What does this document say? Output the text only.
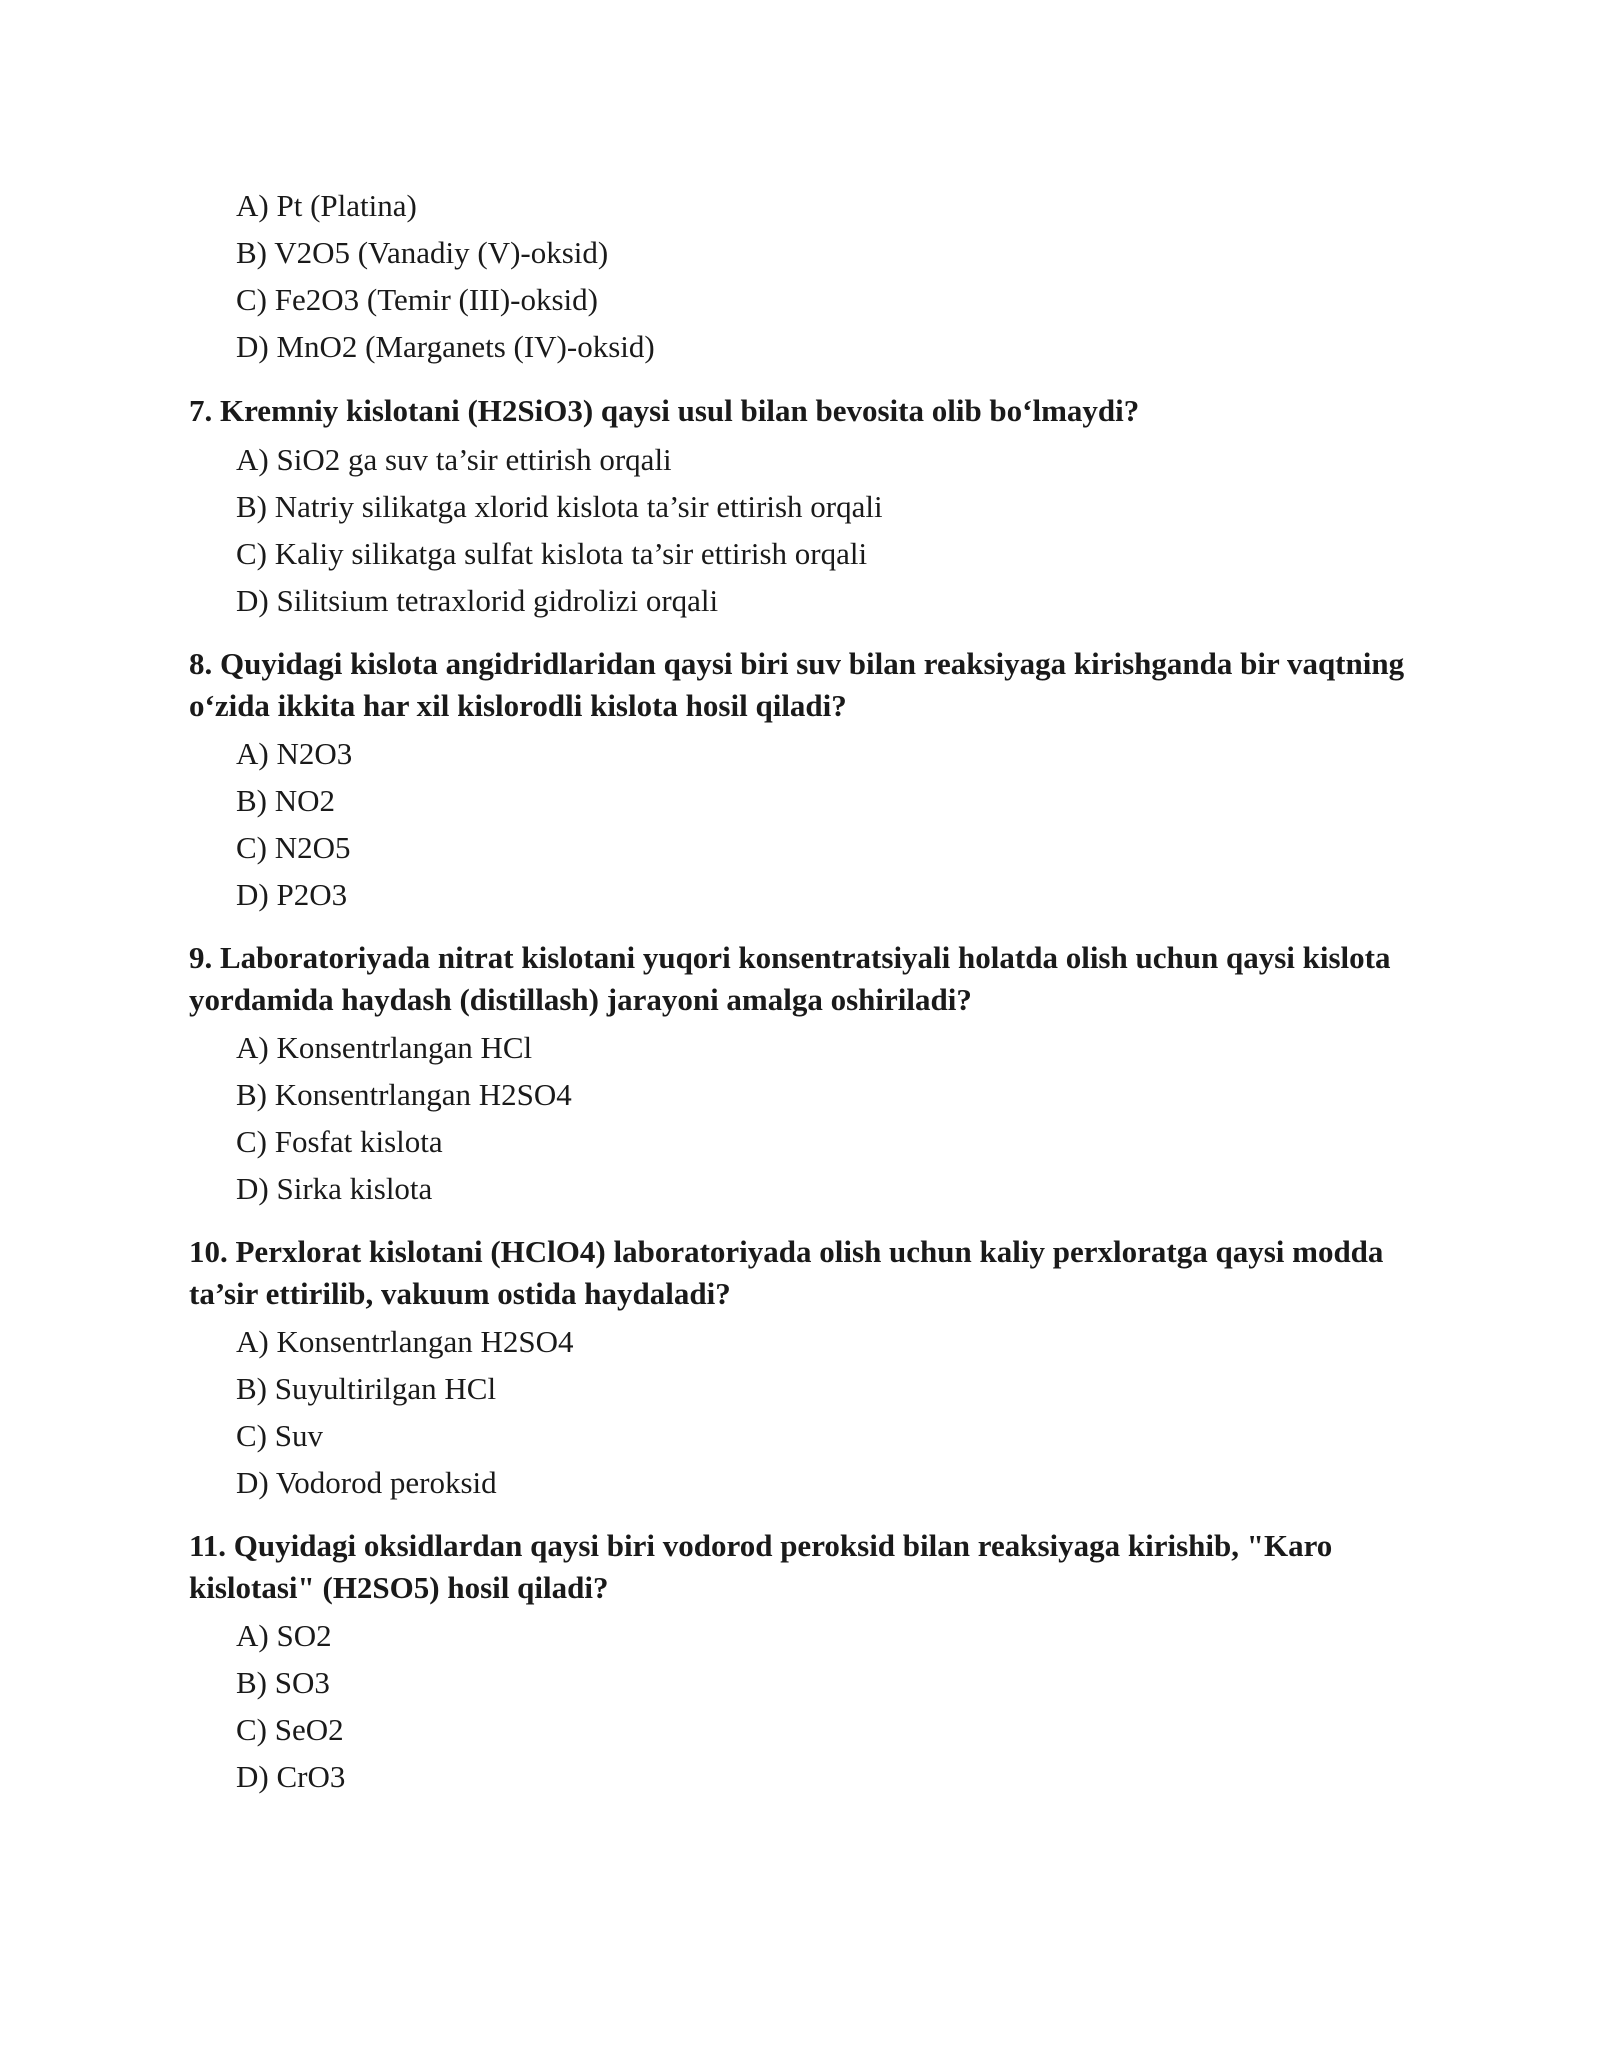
A) Pt (Platina)
B) V2O5 (Vanadiy (V)-oksid)
C) Fe2O3 (Temir (III)-oksid)
D) MnO2 (Marganets (IV)-oksid)
7. Kremniy kislotani (H2SiO3) qaysi usul bilan bevosita olib bo‘lmaydi?
A) SiO2 ga suv ta’sir ettirish orqali
B) Natriy silikatga xlorid kislota ta’sir ettirish orqali
C) Kaliy silikatga sulfat kislota ta’sir ettirish orqali
D) Silitsium tetraxlorid gidrolizi orqali
8. Quyidagi kislota angidridlaridan qaysi biri suv bilan reaksiyaga kirishganda bir vaqtning o‘zida ikkita har xil kislorodli kislota hosil qiladi?
A) N2O3
B) NO2
C) N2O5
D) P2O3
9. Laboratoriyada nitrat kislotani yuqori konsentratsiyali holatda olish uchun qaysi kislota yordamida haydash (distillash) jarayoni amalga oshiriladi?
A) Konsentrlangan HCl
B) Konsentrlangan H2SO4
C) Fosfat kislota
D) Sirka kislota
10. Perxlorat kislotani (HClO4) laboratoriyada olish uchun kaliy perxloratga qaysi modda ta’sir ettirilib, vakuum ostida haydaladi?
A) Konsentrlangan H2SO4
B) Suyultirilgan HCl
C) Suv
D) Vodorod peroksid
11. Quyidagi oksidlardan qaysi biri vodorod peroksid bilan reaksiyaga kirishib, "Karo kislotasi" (H2SO5) hosil qiladi?
A) SO2
B) SO3
C) SeO2
D) CrO3
